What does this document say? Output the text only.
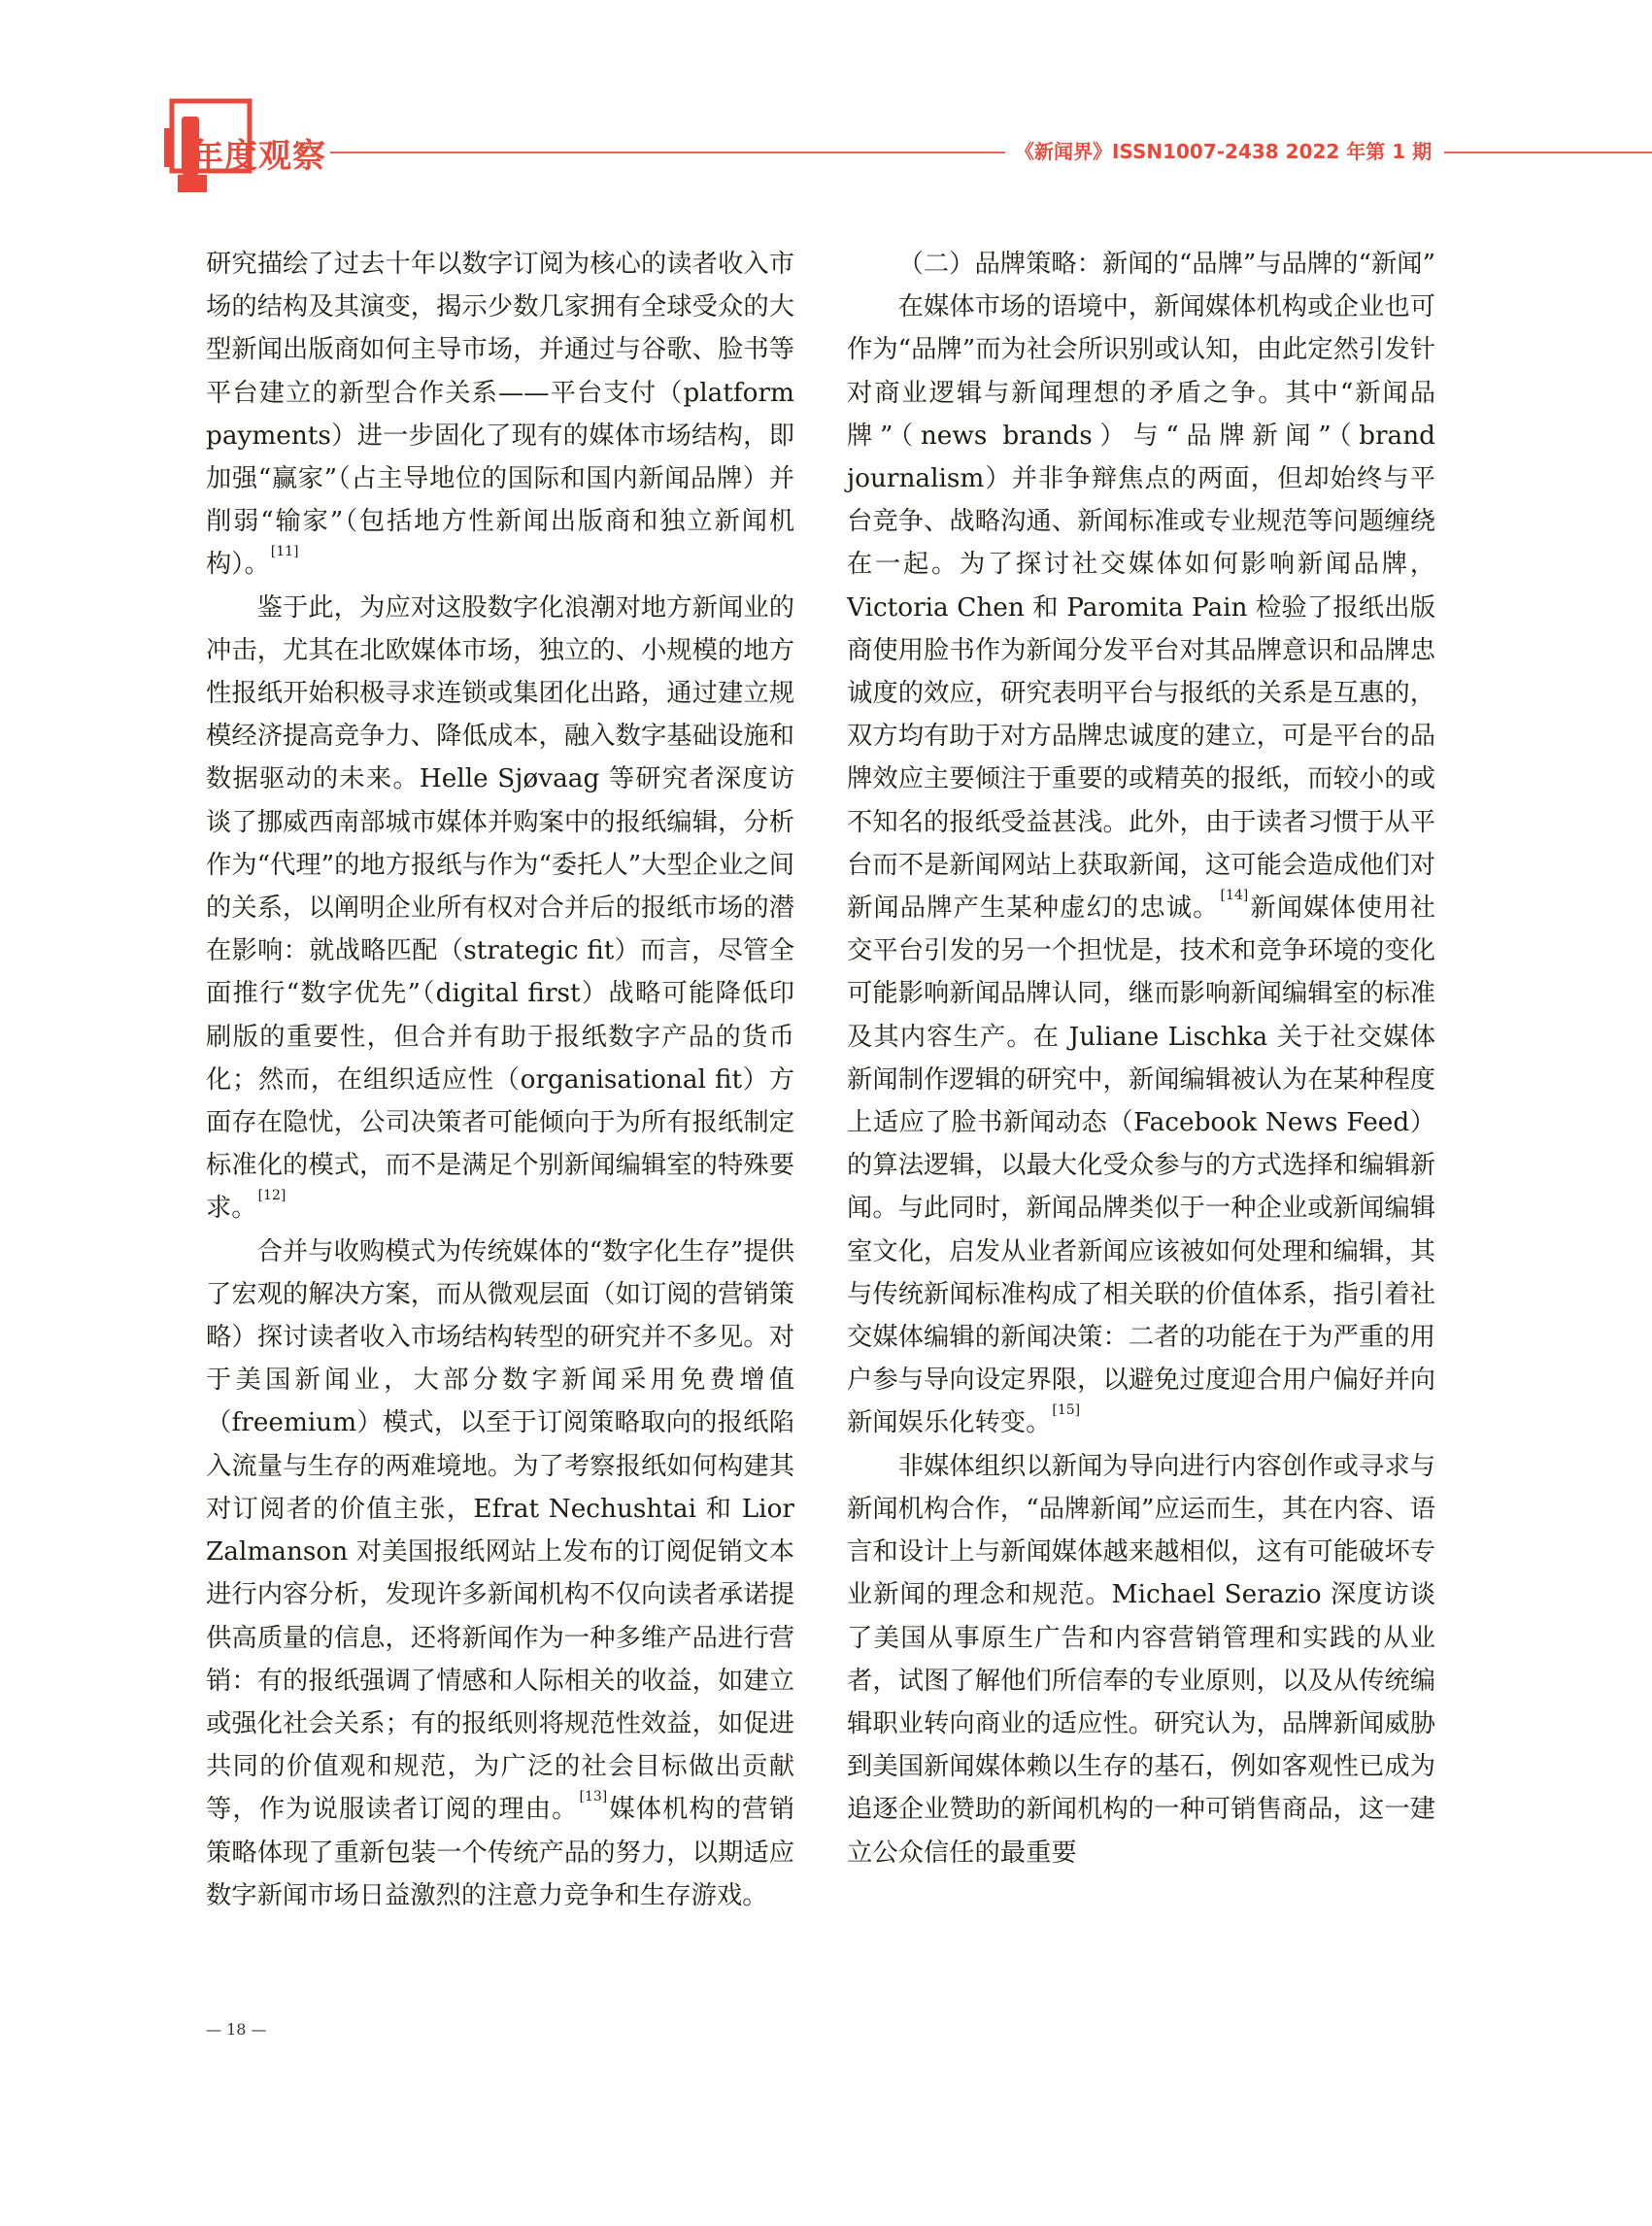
年度观察	《新闻界》ISSN1007-2438 2022 年第 1 期

研究描绘了过去十年以数字订阅为核心的读者收入市场的结构及其演变，揭示少数几家拥有全球受众的大型新闻出版商如何主导市场，并通过与谷歌、脸书等平台建立的新型合作关系——平台支付（platform payments）进一步固化了现有的媒体市场结构，即加强“赢家”（占主导地位的国际和国内新闻品牌）并削弱“输家”（包括地方性新闻出版商和独立新闻机构）。[11]

鉴于此，为应对这股数字化浪潮对地方新闻业的冲击，尤其在北欧媒体市场，独立的、小规模的地方性报纸开始积极寻求连锁或集团化出路，通过建立规模经济提高竞争力、降低成本，融入数字基础设施和数据驱动的未来。Helle Sjøvaag 等研究者深度访谈了挪威西南部城市媒体并购案中的报纸编辑，分析作为“代理”的地方报纸与作为“委托人”大型企业之间的关系，以阐明企业所有权对合并后的报纸市场的潜在影响：就战略匹配（strategic fit）而言，尽管全面推行“数字优先”（digital first）战略可能降低印刷版的重要性，但合并有助于报纸数字产品的货币化；然而，在组织适应性（organisational fit）方面存在隐忧，公司决策者可能倾向于为所有报纸制定标准化的模式，而不是满足个别新闻编辑室的特殊要求。[12]

合并与收购模式为传统媒体的“数字化生存”提供了宏观的解决方案，而从微观层面（如订阅的营销策略）探讨读者收入市场结构转型的研究并不多见。对于美国新闻业，大部分数字新闻采用免费增值（freemium）模式，以至于订阅策略取向的报纸陷入流量与生存的两难境地。为了考察报纸如何构建其对订阅者的价值主张，Efrat Nechushtai 和 Lior Zalmanson 对美国报纸网站上发布的订阅促销文本进行内容分析，发现许多新闻机构不仅向读者承诺提供高质量的信息，还将新闻作为一种多维产品进行营销：有的报纸强调了情感和人际相关的收益，如建立或强化社会关系；有的报纸则将规范性效益，如促进共同的价值观和规范，为广泛的社会目标做出贡献等，作为说服读者订阅的理由。[13]媒体机构的营销策略体现了重新包装一个传统产品的努力，以期适应数字新闻市场日益激烈的注意力竞争和生存游戏。

（二）品牌策略：新闻的“品牌”与品牌的“新闻”

在媒体市场的语境中，新闻媒体机构或企业也可作为“品牌”而为社会所识别或认知，由此定然引发针对商业逻辑与新闻理想的矛盾之争。其中“新闻品牌”（news brands）与“品牌新闻”（brand journalism）并非争辩焦点的两面，但却始终与平台竞争、战略沟通、新闻标准或专业规范等问题缠绕在一起。为了探讨社交媒体如何影响新闻品牌，Victoria Chen 和 Paromita Pain 检验了报纸出版商使用脸书作为新闻分发平台对其品牌意识和品牌忠诚度的效应，研究表明平台与报纸的关系是互惠的，双方均有助于对方品牌忠诚度的建立，可是平台的品牌效应主要倾注于重要的或精英的报纸，而较小的或不知名的报纸受益甚浅。此外，由于读者习惯于从平台而不是新闻网站上获取新闻，这可能会造成他们对新闻品牌产生某种虚幻的忠诚。[14]新闻媒体使用社交平台引发的另一个担忧是，技术和竞争环境的变化可能影响新闻品牌认同，继而影响新闻编辑室的标准及其内容生产。在 Juliane Lischka 关于社交媒体新闻制作逻辑的研究中，新闻编辑被认为在某种程度上适应了脸书新闻动态（Facebook News Feed）的算法逻辑，以最大化受众参与的方式选择和编辑新闻。与此同时，新闻品牌类似于一种企业或新闻编辑室文化，启发从业者新闻应该被如何处理和编辑，其与传统新闻标准构成了相关联的价值体系，指引着社交媒体编辑的新闻决策：二者的功能在于为严重的用户参与导向设定界限，以避免过度迎合用户偏好并向新闻娱乐化转变。[15]

非媒体组织以新闻为导向进行内容创作或寻求与新闻机构合作，“品牌新闻”应运而生，其在内容、语言和设计上与新闻媒体越来越相似，这有可能破坏专业新闻的理念和规范。Michael Serazio 深度访谈了美国从事原生广告和内容营销管理和实践的从业者，试图了解他们所信奉的专业原则，以及从传统编辑职业转向商业的适应性。研究认为，品牌新闻威胁到美国新闻媒体赖以生存的基石，例如客观性已成为追逐企业赞助的新闻机构的一种可销售商品，这一建立公众信任的最重要

— 18 —
